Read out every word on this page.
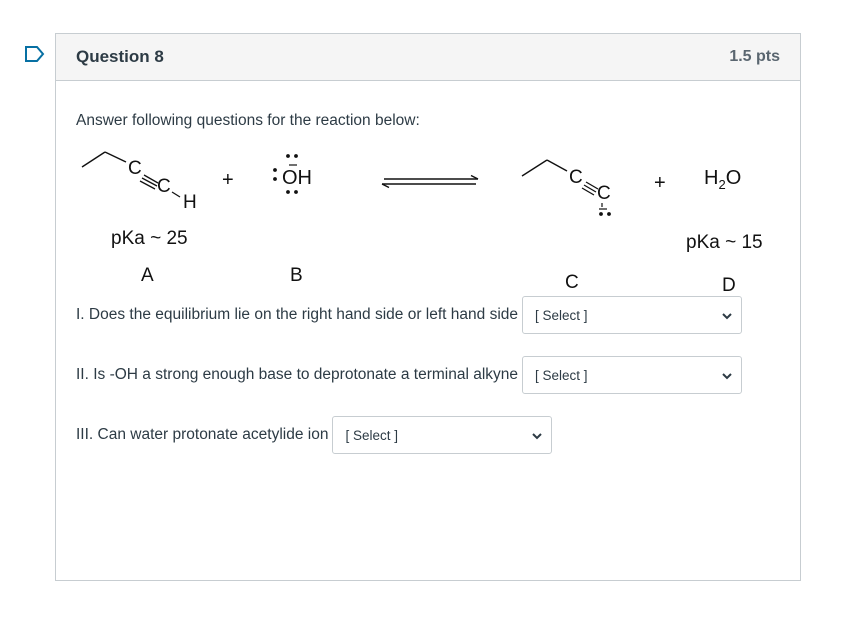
Question 8	1.5 pts
Answer following questions for the reaction below:
C
C
H
+ OH	C
$C + H_2O$
pKa ~ 25	pKa ~ 15
A	B	C	D
I. Does the equilibrium lie on the right hand side or left hand side [ Select ]
II. Is -OH a strong enough base to deprotonate a terminal alkyne [ Select ]
III. Can water protonate acetylide ion [ Select ]
